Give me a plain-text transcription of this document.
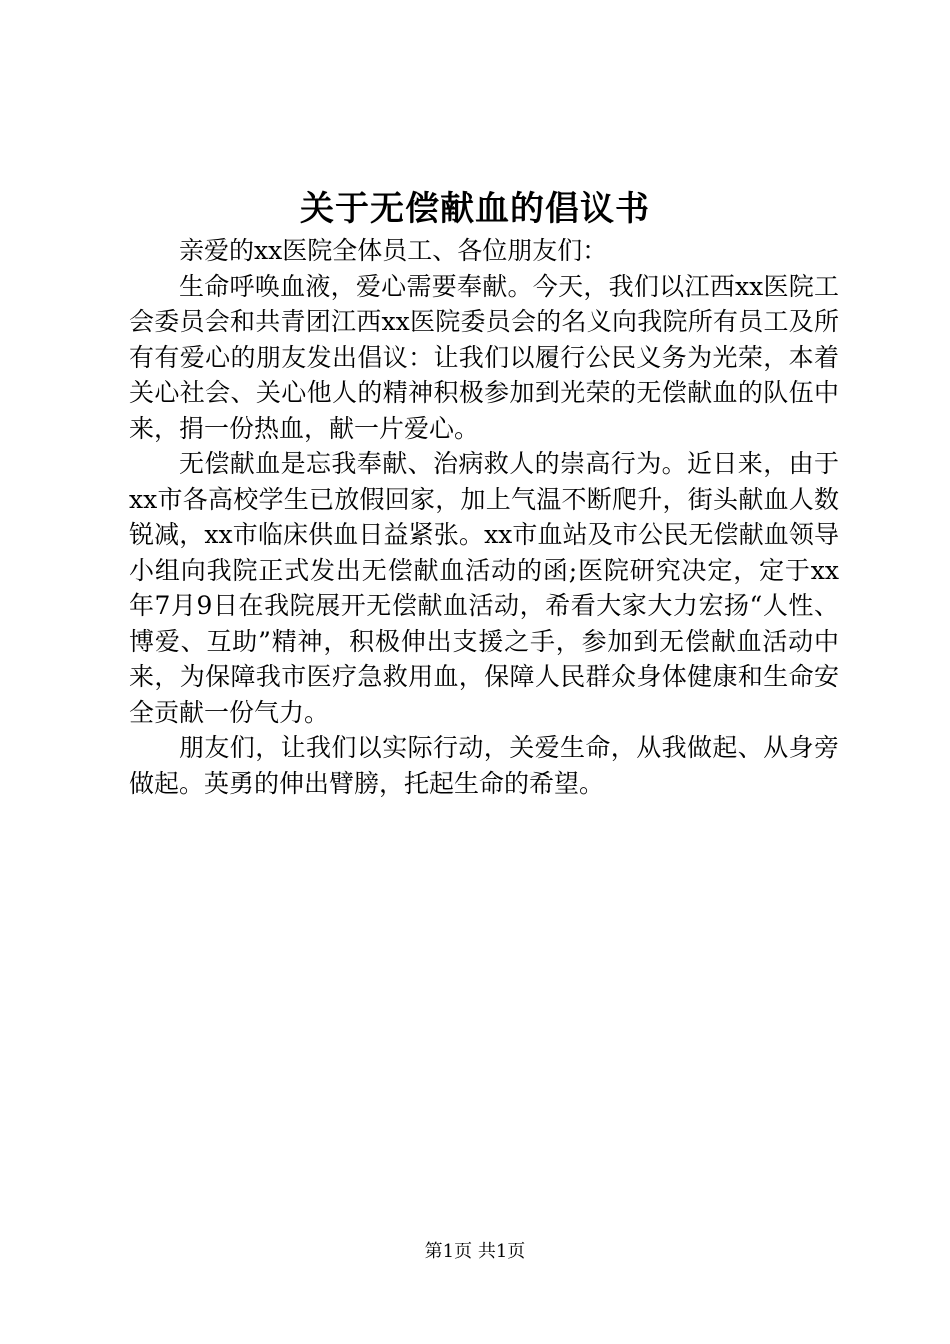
关于无偿献血的倡议书

亲爱的xx医院全体员工、各位朋友们：

生命呼唤血液，爱心需要奉献。今天，我们以江西xx医院工会委员会和共青团江西xx医院委员会的名义向我院所有员工及所有有爱心的朋友发出倡议：让我们以履行公民义务为光荣，本着关心社会、关心他人的精神积极参加到光荣的无偿献血的队伍中来，捐一份热血，献一片爱心。

无偿献血是忘我奉献、治病救人的崇高行为。近日来，由于xx市各高校学生已放假回家，加上气温不断爬升，街头献血人数锐减，xx市临床供血日益紧张。xx市血站及市公民无偿献血领导小组向我院正式发出无偿献血活动的函;医院研究决定，定于xx年7月9日在我院展开无偿献血活动，希看大家大力宏扬“人性、博爱、互助”精神，积极伸出支援之手，参加到无偿献血活动中来，为保障我市医疗急救用血，保障人民群众身体健康和生命安全贡献一份气力。

朋友们，让我们以实际行动，关爱生命，从我做起、从身旁做起。英勇的伸出臂膀，托起生命的希望。

第1页 共1页
